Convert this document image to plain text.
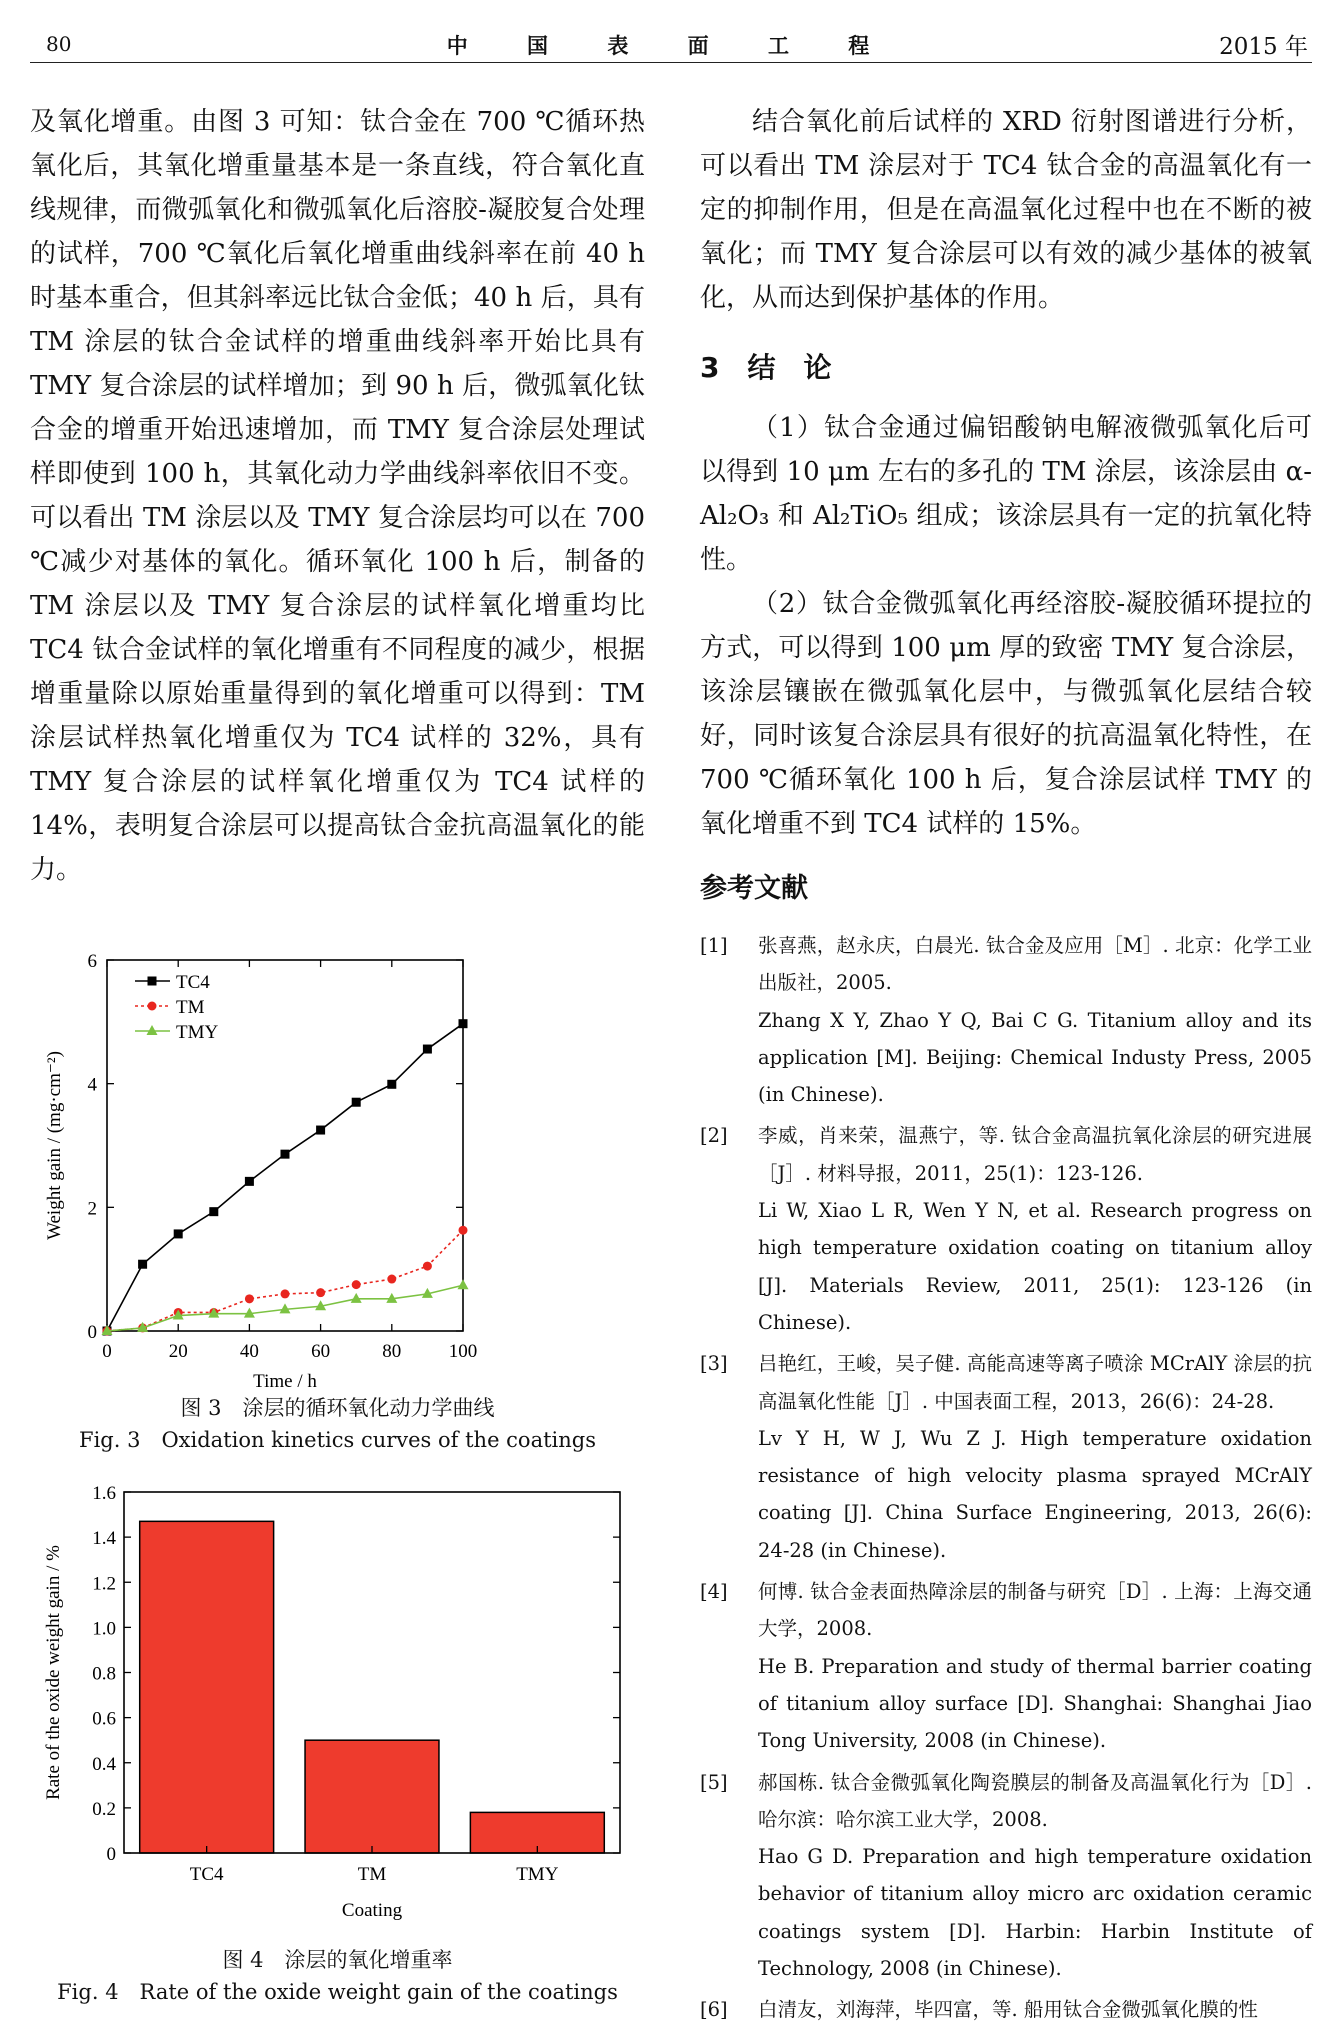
80	中 国 表 面 工 程	2015 年

及氧化增重。由图 3 可知：钛合金在 700 ℃循环热氧化后，其氧化增重量基本是一条直线，符合氧化直线规律，而微弧氧化和微弧氧化后溶胶-凝胶复合处理的试样，700 ℃氧化后氧化增重曲线斜率在前 40 h 时基本重合，但其斜率远比钛合金低；40 h 后，具有 TM 涂层的钛合金试样的增重曲线斜率开始比具有 TMY 复合涂层的试样增加；到 90 h 后，微弧氧化钛合金的增重开始迅速增加，而 TMY 复合涂层处理试样即使到 100 h，其氧化动力学曲线斜率依旧不变。可以看出 TM 涂层以及 TMY 复合涂层均可以在 700 ℃减少对基体的氧化。循环氧化 100 h 后，制备的 TM 涂层以及 TMY 复合涂层的试样氧化增重均比 TC4 钛合金试样的氧化增重有不同程度的减少，根据增重量除以原始重量得到的氧化增重可以得到：TM 涂层试样热氧化增重仅为 TC4 试样的 32%，具有 TMY 复合涂层的试样氧化增重仅为 TC4 试样的 14%，表明复合涂层可以提高钛合金抗高温氧化的能力。

0	20	40	60	80 100
0
2
4
6
Time / h
Weight gain / (mg·cm⁻²)
TC4
TM
TMY
图 3　涂层的循环氧化动力学曲线
Fig. 3　Oxidation kinetics curves of the coatings
0
0.2
0.4
0.6
0.8
1.0
1.2
1.4
1.6
TC4	TM	TMY
Coating
Rate of the oxide weight gain / %
图 4　涂层的氧化增重率
Fig. 4　Rate of the oxide weight gain of the coatings

结合氧化前后试样的 XRD 衍射图谱进行分析，可以看出 TM 涂层对于 TC4 钛合金的高温氧化有一定的抑制作用，但是在高温氧化过程中也在不断的被氧化；而 TMY 复合涂层可以有效的减少基体的被氧化，从而达到保护基体的作用。

3　结　论

（1）钛合金通过偏铝酸钠电解液微弧氧化后可以得到 10 μm 左右的多孔的 TM 涂层，该涂层由 α-Al₂O₃ 和 Al₂TiO₅ 组成；该涂层具有一定的抗氧化特性。

（2）钛合金微弧氧化再经溶胶-凝胶循环提拉的方式，可以得到 100 μm 厚的致密 TMY 复合涂层，该涂层镶嵌在微弧氧化层中，与微弧氧化层结合较好，同时该复合涂层具有很好的抗高温氧化特性，在 700 ℃循环氧化 100 h 后，复合涂层试样 TMY 的氧化增重不到 TC4 试样的 15%。

参考文献
[1] 张喜燕，赵永庆，白晨光. 钛合金及应用［M］. 北京：化学工业出版社，2005.
Zhang X Y, Zhao Y Q, Bai C G. Titanium alloy and its application [M]. Beijing: Chemical Industy Press, 2005 (in Chinese).
[2] 李威，肖来荣，温燕宁，等. 钛合金高温抗氧化涂层的研究进展［J］. 材料导报，2011，25(1)：123-126.
Li W, Xiao L R, Wen Y N, et al. Research progress on high temperature oxidation coating on titanium alloy [J]. Materials Review, 2011, 25(1): 123-126 (in Chinese).
[3] 吕艳红，王峻，吴子健. 高能高速等离子喷涂 MCrAlY 涂层的抗高温氧化性能［J］. 中国表面工程，2013，26(6)：24-28.
Lv Y H, W J, Wu Z J. High temperature oxidation resistance of high velocity plasma sprayed MCrAlY coating [J]. China Surface Engineering, 2013, 26(6): 24-28 (in Chinese).
[4] 何博. 钛合金表面热障涂层的制备与研究［D］. 上海：上海交通大学，2008.
He B. Preparation and study of thermal barrier coating of titanium alloy surface [D]. Shanghai: Shanghai Jiao Tong University, 2008 (in Chinese).
[5] 郝国栋. 钛合金微弧氧化陶瓷膜层的制备及高温氧化行为［D］. 哈尔滨：哈尔滨工业大学，2008.
Hao G D. Preparation and high temperature oxidation behavior of titanium alloy micro arc oxidation ceramic coatings system [D]. Harbin: Harbin Institute of Technology, 2008 (in Chinese).
[6] 白清友，刘海萍，毕四富，等. 船用钛合金微弧氧化膜的性
